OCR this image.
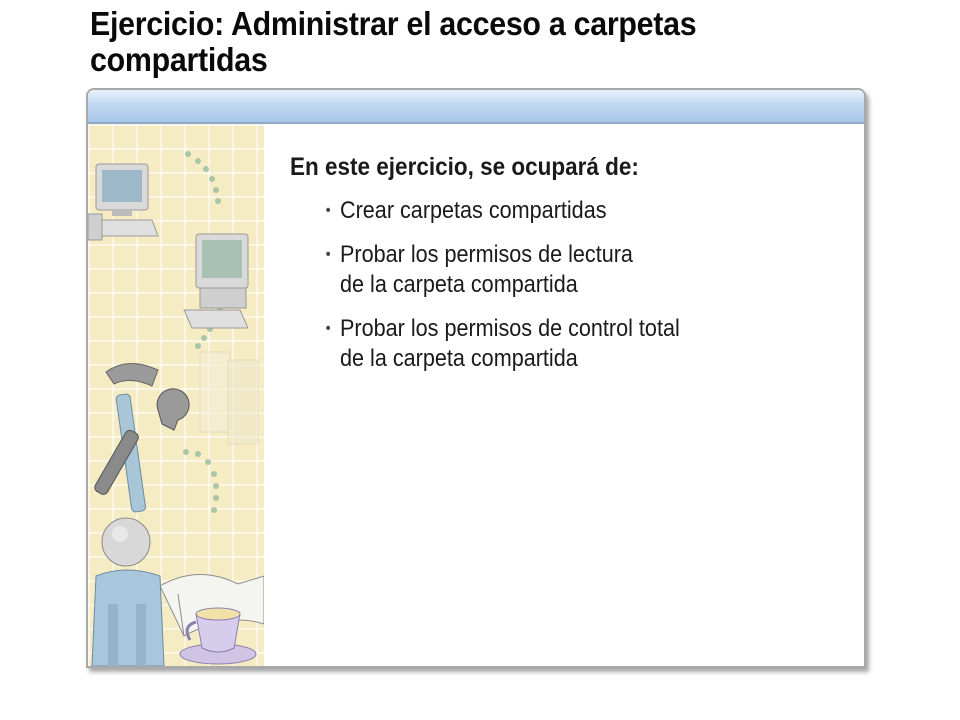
Ejercicio: Administrar el acceso a carpetas
compartidas
En este ejercicio, se ocupará de:
• Crear carpetas compartidas
• Probar los permisos de lectura
de la carpeta compartida
• Probar los permisos de control total
de la carpeta compartida
